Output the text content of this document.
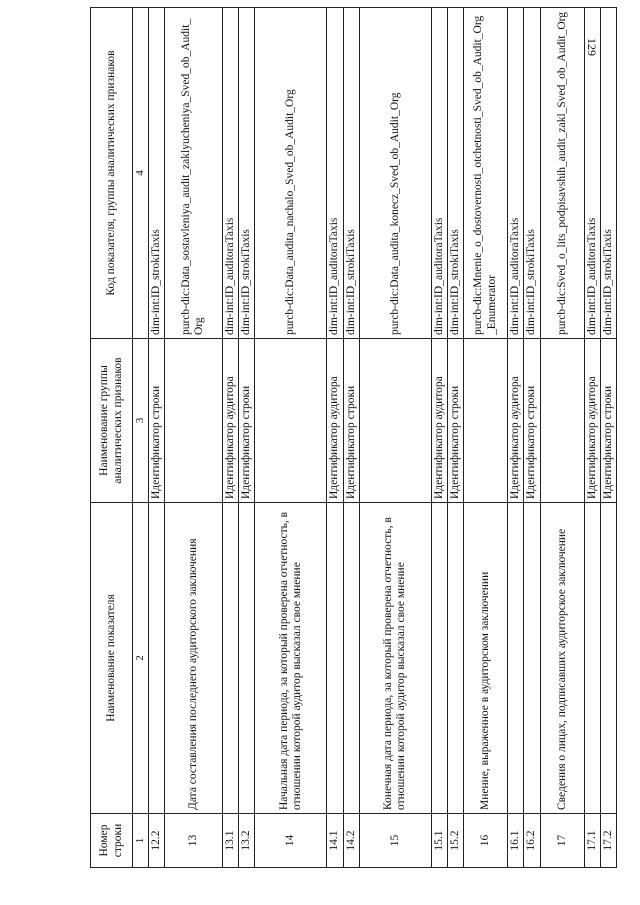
129
Номер строки	Наименование показателя	Наименование группы аналитических признаков	Код показателя, группы аналитических признаков
1	2	3	4
12.2		Идентификатор строки	dim-int:ID_strokiTaxis
13	Дата составления последнего аудиторского заключения		purcb-dic:Data_sostavleniya_audit_zaklyucheniya_Sved_ob_Audit_Org
13.1		Идентификатор аудитора	dim-int:ID_auditoraTaxis
13.2		Идентификатор строки	dim-int:ID_strokiTaxis
14	Начальная дата периода, за который проверена отчетность, в отношении которой аудитор высказал свое мнение		purcb-dic:Data_audita_nachalo_Sved_ob_Audit_Org
14.1		Идентификатор аудитора	dim-int:ID_auditoraTaxis
14.2		Идентификатор строки	dim-int:ID_strokiTaxis
15	Конечная дата периода, за который проверена отчетность, в отношении которой аудитор высказал свое мнение		purcb-dic:Data_audita_konecz_Sved_ob_Audit_Org
15.1		Идентификатор аудитора	dim-int:ID_auditoraTaxis
15.2		Идентификатор строки	dim-int:ID_strokiTaxis
16	Мнение, выраженное в аудиторском заключении		purcb-dic:Mnenie_o_dostovernosti_otchetnosti_Sved_ob_Audit_Org_Enumerator
16.1		Идентификатор аудитора	dim-int:ID_auditoraTaxis
16.2		Идентификатор строки	dim-int:ID_strokiTaxis
17	Сведения о лицах, подписавших аудиторское заключение		purcb-dic:Sved_o_lits_podpisavshih_audit_zakl_Sved_ob_Audit_Org
17.1		Идентификатор аудитора	dim-int:ID_auditoraTaxis
17.2		Идентификатор строки	dim-int:ID_strokiTaxis
